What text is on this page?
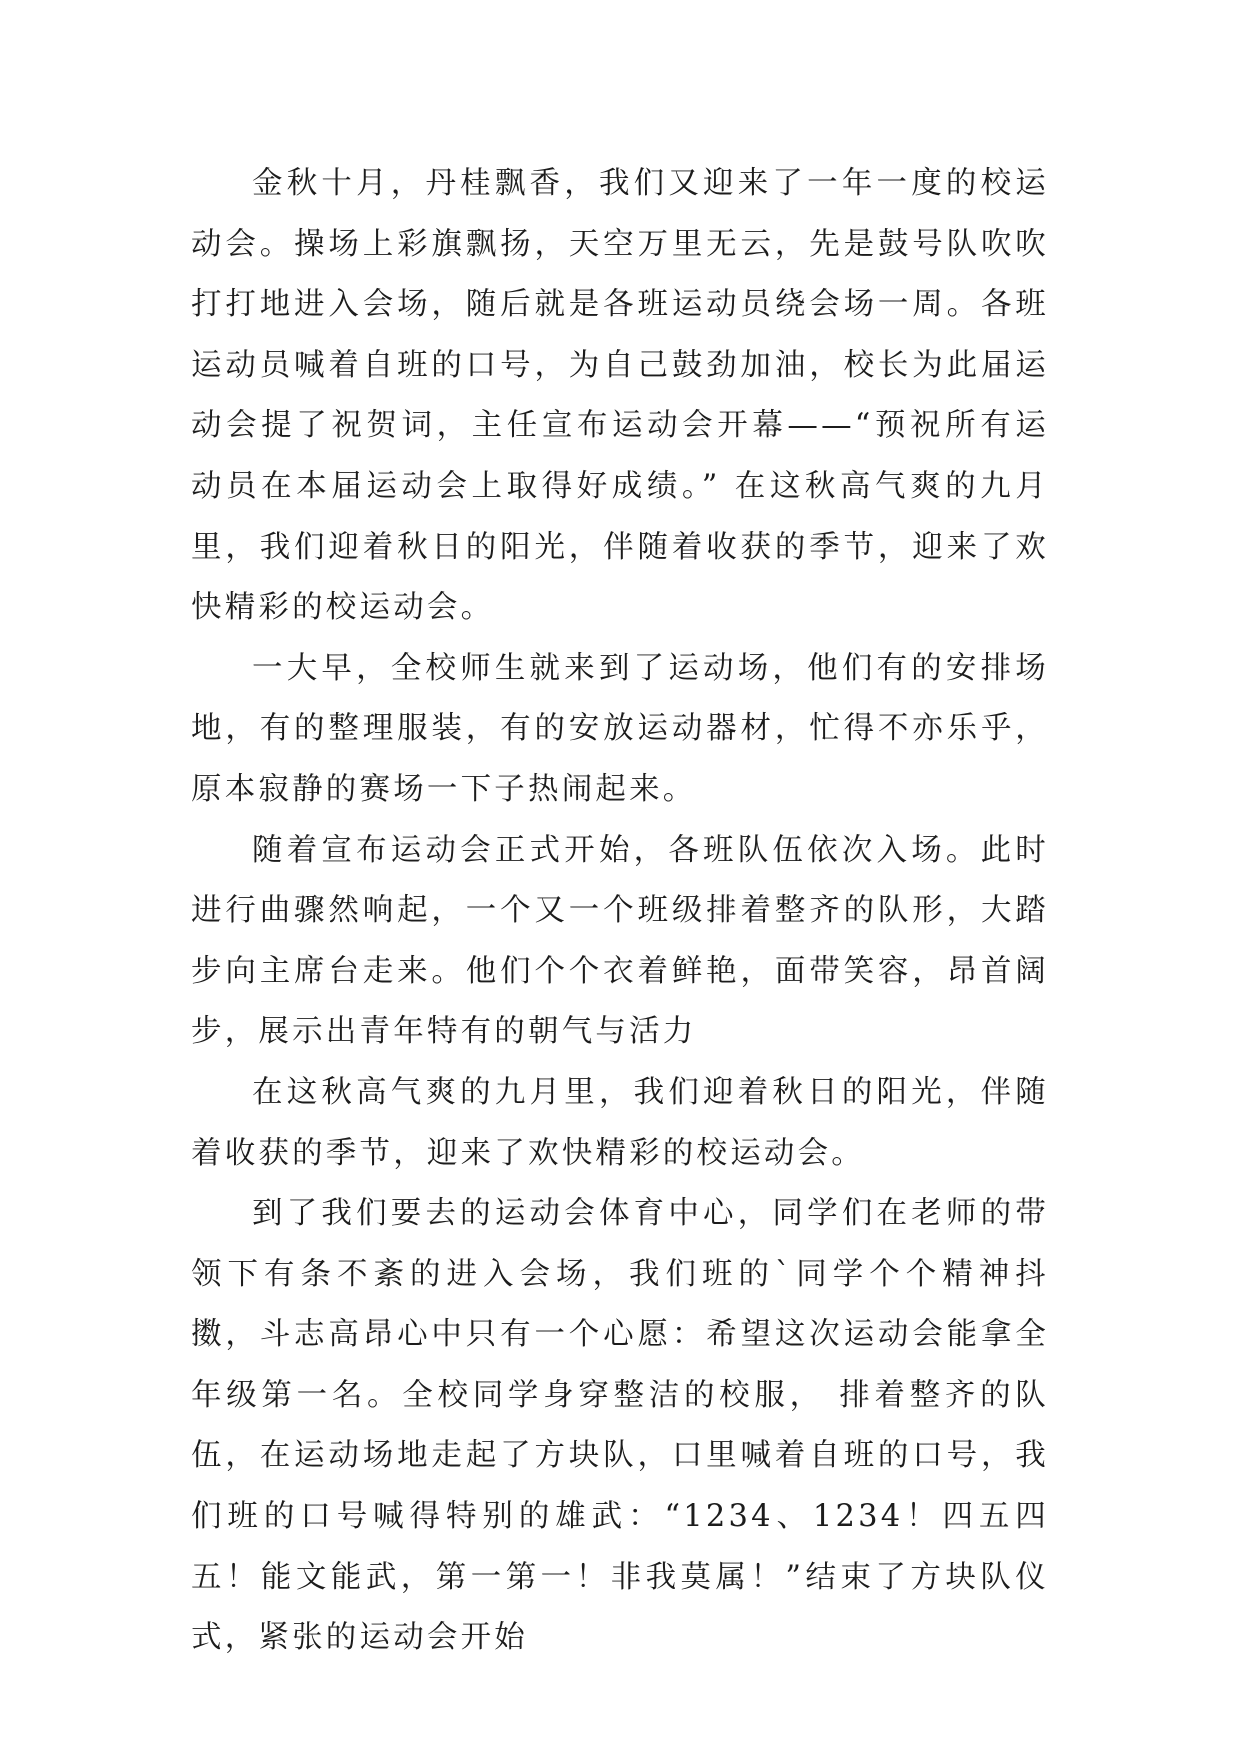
金秋十月，丹桂飘香，我们又迎来了一年一度的校运动会。操场上彩旗飘扬，天空万里无云，先是鼓号队吹吹打打地进入会场，随后就是各班运动员绕会场一周。各班运动员喊着自班的口号，为自己鼓劲加油，校长为此届运动会提了祝贺词，主任宣布运动会开幕——“预祝所有运动员在本届运动会上取得好成绩。” 在这秋高气爽的九月里，我们迎着秋日的阳光，伴随着收获的季节，迎来了欢快精彩的校运动会。

一大早，全校师生就来到了运动场，他们有的安排场地，有的整理服装，有的安放运动器材，忙得不亦乐乎，原本寂静的赛场一下子热闹起来。

随着宣布运动会正式开始，各班队伍依次入场。此时进行曲骤然响起，一个又一个班级排着整齐的队形，大踏步向主席台走来。他们个个衣着鲜艳，面带笑容，昂首阔步，展示出青年特有的朝气与活力

在这秋高气爽的九月里，我们迎着秋日的阳光，伴随着收获的季节，迎来了欢快精彩的校运动会。

到了我们要去的运动会体育中心，同学们在老师的带领下有条不紊的进入会场，我们班的`同学个个精神抖擞，斗志高昂心中只有一个心愿：希望这次运动会能拿全年级第一名。全校同学身穿整洁的校服， 排着整齐的队伍，在运动场地走起了方块队，口里喊着自班的口号，我们班的口号喊得特别的雄武：“1234、1234！四五四五！能文能武，第一第一！非我莫属！”结束了方块队仪式，紧张的运动会开始
